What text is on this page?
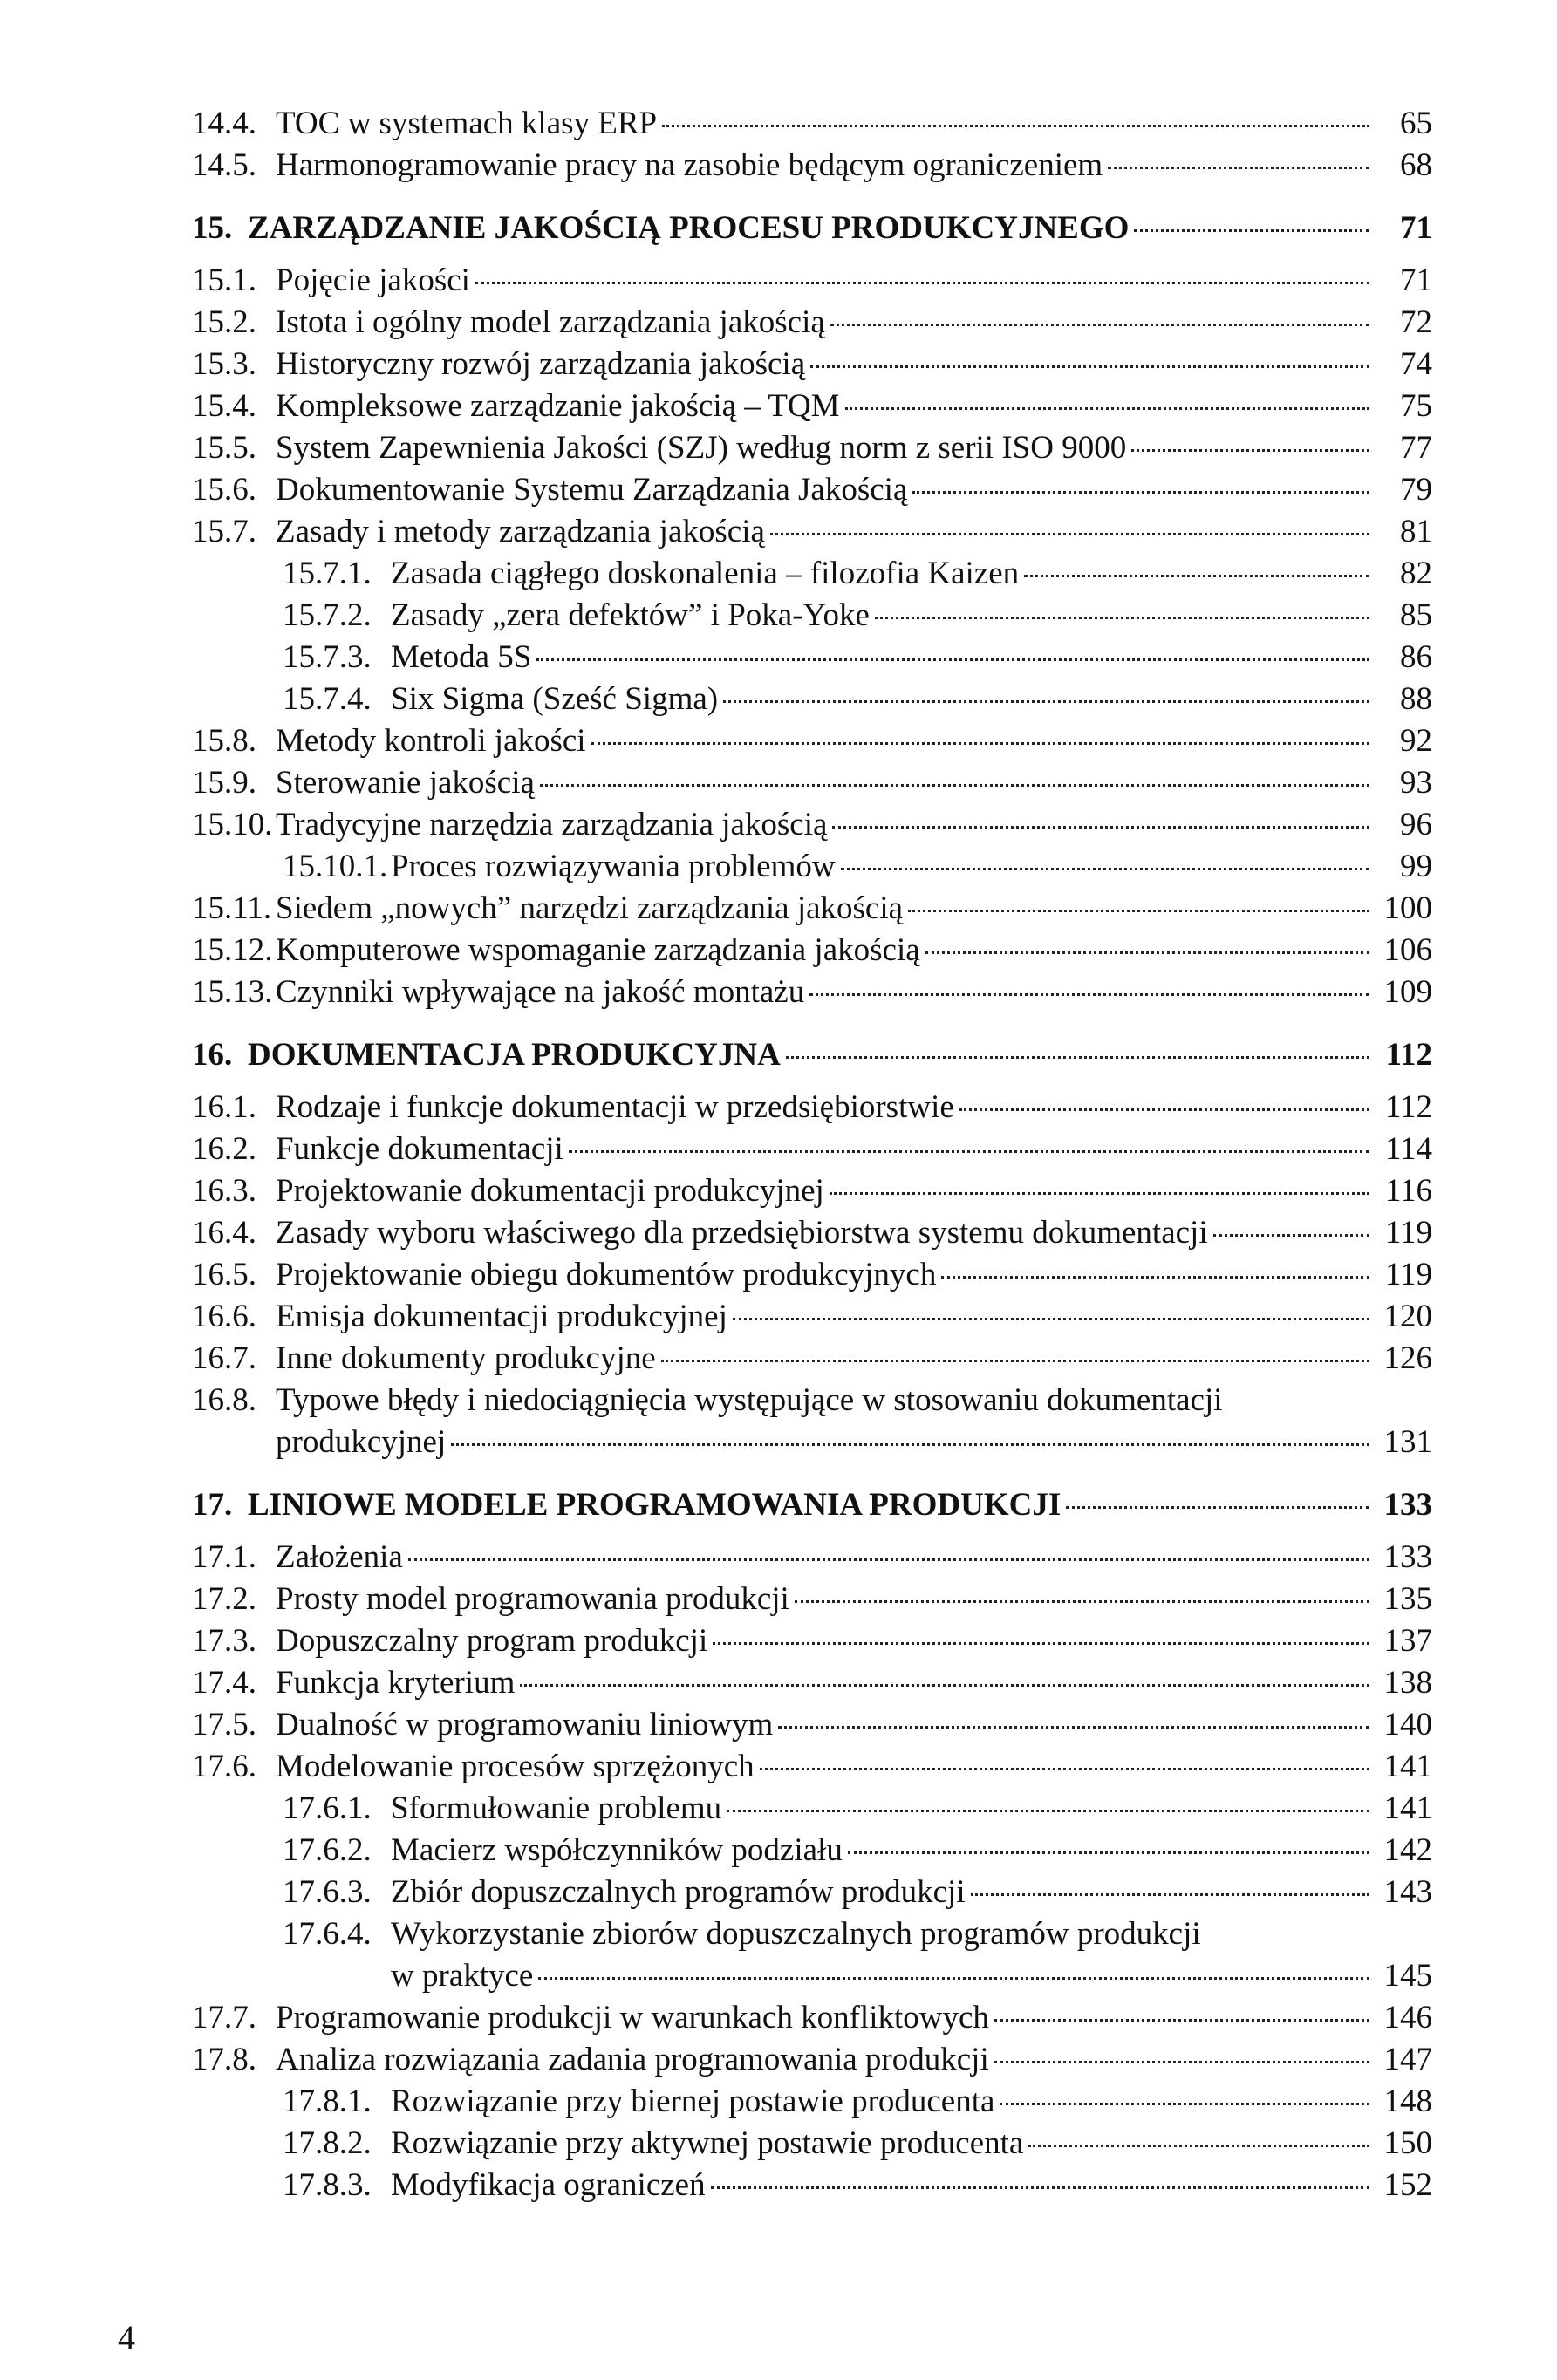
14.4. TOC w systemach klasy ERP	65
14.5. Harmonogramowanie pracy na zasobie będącym ograniczeniem	68
15. ZARZĄDZANIE JAKOŚCIĄ PROCESU PRODUKCYJNEGO	71
15.1. Pojęcie jakości	71
15.2. Istota i ogólny model zarządzania jakością	72
15.3. Historyczny rozwój zarządzania jakością	74
15.4. Kompleksowe zarządzanie jakością – TQM	75
15.5. System Zapewnienia Jakości (SZJ) według norm z serii ISO 9000	77
15.6. Dokumentowanie Systemu Zarządzania Jakością	79
15.7. Zasady i metody zarządzania jakością	81
15.7.1. Zasada ciągłego doskonalenia – filozofia Kaizen	82
15.7.2. Zasady „zera defektów” i Poka-Yoke	85
15.7.3. Metoda 5S	86
15.7.4. Six Sigma (Sześć Sigma)	88
15.8. Metody kontroli jakości	92
15.9. Sterowanie jakością	93
15.10. Tradycyjne narzędzia zarządzania jakością	96
15.10.1. Proces rozwiązywania problemów	99
15.11. Siedem „nowych” narzędzi zarządzania jakością	100
15.12. Komputerowe wspomaganie zarządzania jakością	106
15.13. Czynniki wpływające na jakość montażu	109
16. DOKUMENTACJA PRODUKCYJNA	112
16.1. Rodzaje i funkcje dokumentacji w przedsiębiorstwie	112
16.2. Funkcje dokumentacji	114
16.3. Projektowanie dokumentacji produkcyjnej	116
16.4. Zasady wyboru właściwego dla przedsiębiorstwa systemu dokumentacji	119
16.5. Projektowanie obiegu dokumentów produkcyjnych	119
16.6. Emisja dokumentacji produkcyjnej	120
16.7. Inne dokumenty produkcyjne	126
16.8. Typowe błędy i niedociągnięcia występujące w stosowaniu dokumentacji
produkcyjnej	131
17. LINIOWE MODELE PROGRAMOWANIA PRODUKCJI	133
17.1. Założenia	133
17.2. Prosty model programowania produkcji	135
17.3. Dopuszczalny program produkcji	137
17.4. Funkcja kryterium	138
17.5. Dualność w programowaniu liniowym	140
17.6. Modelowanie procesów sprzężonych	141
17.6.1. Sformułowanie problemu	141
17.6.2. Macierz współczynników podziału	142
17.6.3. Zbiór dopuszczalnych programów produkcji	143
17.6.4. Wykorzystanie zbiorów dopuszczalnych programów produkcji
w praktyce	145
17.7. Programowanie produkcji w warunkach konfliktowych	146
17.8. Analiza rozwiązania zadania programowania produkcji	147
17.8.1. Rozwiązanie przy biernej postawie producenta	148
17.8.2. Rozwiązanie przy aktywnej postawie producenta	150
17.8.3. Modyfikacja ograniczeń	152
4
